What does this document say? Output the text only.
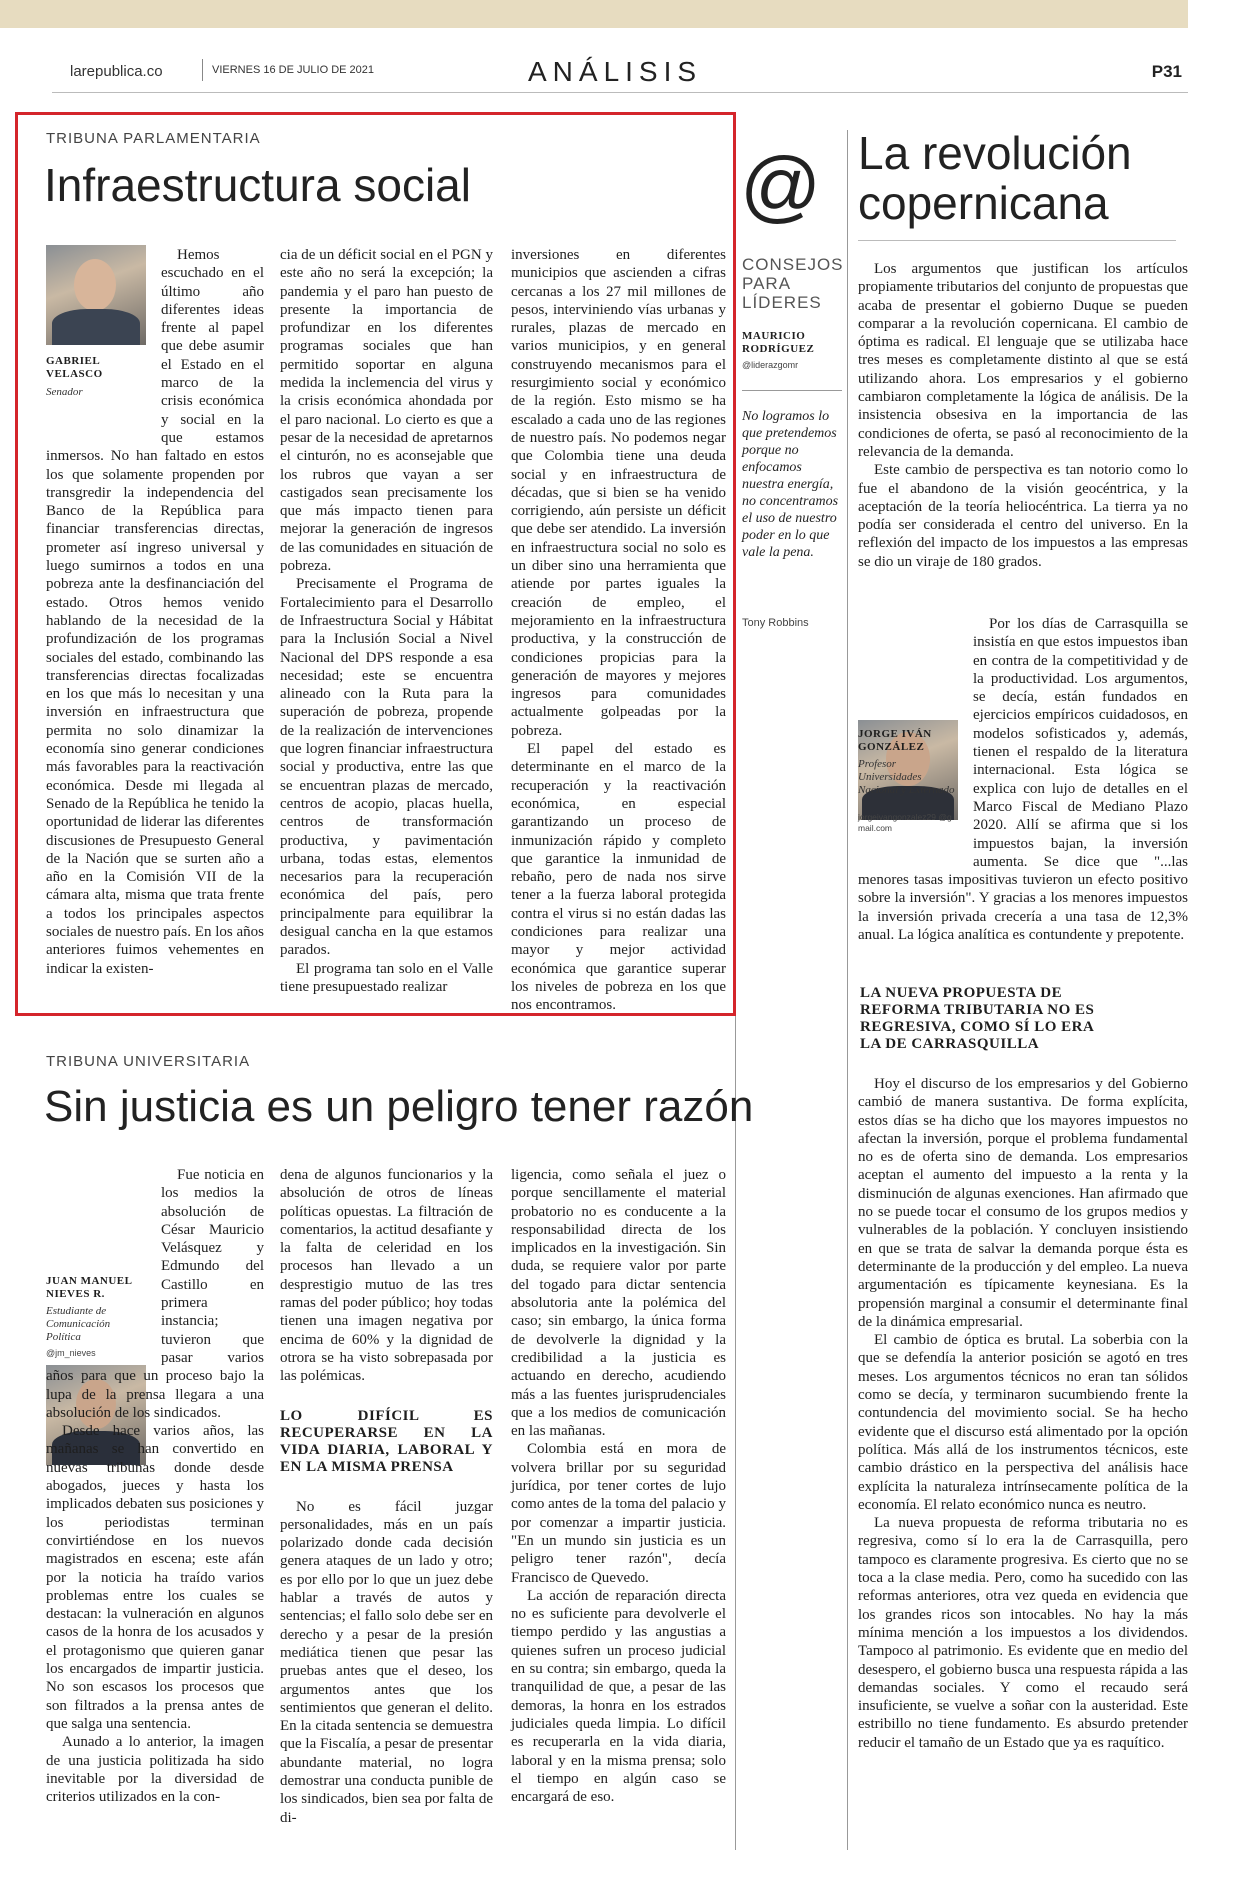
larepublica.co	VIERNES 16 DE JULIO DE 2021	ANÁLISIS	P31
TRIBUNA PARLAMENTARIA
Infraestructura social
GABRIEL VELASCO
Senador

Hemos escuchado en el último año diferentes ideas frente al papel que debe asumir el Estado en el marco de la crisis económica y social en la que estamos inmersos. No han faltado en estos los que solamente propenden por transgredir la independencia del Banco de la República para financiar transferencias directas, prometer así ingreso universal y luego sumirnos a todos en una pobreza ante la desfinanciación del estado. Otros hemos venido hablando de la necesidad de la profundización de los programas sociales del estado, combinando las transferencias directas focalizadas en los que más lo necesitan y una inversión en infraestructura que permita no solo dinamizar la economía sino generar condiciones más favorables para la reactivación económica. Desde mi llegada al Senado de la República he tenido la oportunidad de liderar las diferentes discusiones de Presupuesto General de la Nación que se surten año a año en la Comisión VII de la cámara alta, misma que trata frente a todos los principales aspectos sociales de nuestro país. En los años anteriores fuimos vehementes en indicar la existen-

cia de un déficit social en el PGN y este año no será la excepción; la pandemia y el paro han puesto de presente la importancia de profundizar en los diferentes programas sociales que han permitido soportar en alguna medida la inclemencia del virus y la crisis económica ahondada por el paro nacional. Lo cierto es que a pesar de la necesidad de apretarnos el cinturón, no es aconsejable que los rubros que vayan a ser castigados sean precisamente los que más impacto tienen para mejorar la generación de ingresos de las comunidades en situación de pobreza.

Precisamente el Programa de Fortalecimiento para el Desarrollo de Infraestructura Social y Hábitat para la Inclusión Social a Nivel Nacional del DPS responde a esa necesidad; este se encuentra alineado con la Ruta para la superación de pobreza, propende de la realización de intervenciones que logren financiar infraestructura social y productiva, entre las que se encuentran plazas de mercado, centros de acopio, placas huella, centros de transformación productiva, y pavimentación urbana, todas estas, elementos necesarios para la recuperación económica del país, pero principalmente para equilibrar la desigual cancha en la que estamos parados.

El programa tan solo en el Valle tiene presupuestado realizar

inversiones en diferentes municipios que ascienden a cifras cercanas a los 27 mil millones de pesos, interviniendo vías urbanas y rurales, plazas de mercado en varios municipios, y en general construyendo mecanismos para el resurgimiento social y económico de la región. Esto mismo se ha escalado a cada uno de las regiones de nuestro país. No podemos negar que Colombia tiene una deuda social y en infraestructura de décadas, que si bien se ha venido corrigiendo, aún persiste un déficit que debe ser atendido. La inversión en infraestructura social no solo es un diber sino una herramienta que atiende por partes iguales la creación de empleo, el mejoramiento en la infraestructura productiva, y la construcción de condiciones propicias para la generación de mayores y mejores ingresos para comunidades actualmente golpeadas por la pobreza.

El papel del estado es determinante en el marco de la recuperación y la reactivación económica, en especial garantizando un proceso de inmunización rápido y completo que garantice la inmunidad de rebaño, pero de nada nos sirve tener a la fuerza laboral protegida contra el virus si no están dadas las condiciones para realizar una mayor y mejor actividad económica que garantice superar los niveles de pobreza en los que nos encontramos.

@
CONSEJOS PARA LÍDERES
MAURICIO RODRÍGUEZ
@liderazgomr
No logramos lo que pretendemos porque no enfocamos nuestra energía, no concentramos el uso de nuestro poder en lo que vale la pena.
Tony Robbins
La revolución
copernicana

Los argumentos que justifican los artículos propiamente tributarios del conjunto de propuestas que acaba de presentar el gobierno Duque se pueden comparar a la revolución copernicana. El cambio de óptima es radical. El lenguaje que se utilizaba hace tres meses es completamente distinto al que se está utilizando ahora. Los empresarios y el gobierno cambiaron completamente la lógica de análisis. De la insistencia obsesiva en la importancia de las condiciones de oferta, se pasó al reconocimiento de la relevancia de la demanda.

Este cambio de perspectiva es tan notorio como lo fue el abandono de la visión geocéntrica, y la aceptación de la teoría heliocéntrica. La tierra ya no podía ser considerada el centro del universo. En la reflexión del impacto de los impuestos a las empresas se dio un viraje de 180 grados.

JORGE IVÁN GONZÁLEZ
Profesor Universidades Nacional y Externado
jorgeivangonzalez29 @gmail.com

Por los días de Carrasquilla se insistía en que estos impuestos iban en contra de la competitividad y de la productividad. Los argumentos, se decía, están fundados en ejercicios empíricos cuidadosos, en modelos sofisticados y, además, tienen el respaldo de la literatura internacional. Esta lógica se explica con lujo de detalles en el Marco Fiscal de Mediano Plazo 2020. Allí se afirma que si los impuestos bajan, la inversión aumenta. Se dice que "...las menores tasas impositivas tuvieron un efecto positivo sobre la inversión". Y gracias a los menores impuestos la inversión privada crecería a una tasa de 12,3% anual. La lógica analítica es contundente y prepotente.

LA NUEVA PROPUESTA DE REFORMA TRIBUTARIA NO ES REGRESIVA, COMO SÍ LO ERA LA DE CARRASQUILLA

Hoy el discurso de los empresarios y del Gobierno cambió de manera sustantiva. De forma explícita, estos días se ha dicho que los mayores impuestos no afectan la inversión, porque el problema fundamental no es de oferta sino de demanda. Los empresarios aceptan el aumento del impuesto a la renta y la disminución de algunas exenciones. Han afirmado que no se puede tocar el consumo de los grupos medios y vulnerables de la población. Y concluyen insistiendo en que se trata de salvar la demanda porque ésta es determinante de la producción y del empleo. La nueva argumentación es típicamente keynesiana. Es la propensión marginal a consumir el determinante final de la dinámica empresarial.

El cambio de óptica es brutal. La soberbia con la que se defendía la anterior posición se agotó en tres meses. Los argumentos técnicos no eran tan sólidos como se decía, y terminaron sucumbiendo frente la contundencia del movimiento social. Se ha hecho evidente que el discurso está alimentado por la opción política. Más allá de los instrumentos técnicos, este cambio drástico en la perspectiva del análisis hace explícita la naturaleza intrínsecamente política de la economía. El relato económico nunca es neutro.

La nueva propuesta de reforma tributaria no es regresiva, como sí lo era la de Carrasquilla, pero tampoco es claramente progresiva. Es cierto que no se toca a la clase media. Pero, como ha sucedido con las reformas anteriores, otra vez queda en evidencia que los grandes ricos son intocables. No hay la más mínima mención a los impuestos a los dividendos. Tampoco al patrimonio. Es evidente que en medio del desespero, el gobierno busca una respuesta rápida a las demandas sociales. Y como el recaudo será insuficiente, se vuelve a soñar con la austeridad. Este estribillo no tiene fundamento. Es absurdo pretender reducir el tamaño de un Estado que ya es raquítico.

TRIBUNA UNIVERSITARIA
Sin justicia es un peligro tener razón
JUAN MANUEL NIEVES R.
Estudiante de Comunicación Política
@jm_nieves

Fue noticia en los medios la absolución de César Mauricio Velásquez y Edmundo del Castillo en primera instancia; tuvieron que pasar varios años para que un proceso bajo la lupa de la prensa llegara a una absolución de los sindicados.

Desde hace varios años, las mañanas se han convertido en nuevas tribunas donde desde abogados, jueces y hasta los implicados debaten sus posiciones y los periodistas terminan convirtiéndose en los nuevos magistrados en escena; este afán por la noticia ha traído varios problemas entre los cuales se destacan: la vulneración en algunos casos de la honra de los acusados y el protagonismo que quieren ganar los encargados de impartir justicia. No son escasos los procesos que son filtrados a la prensa antes de que salga una sentencia.

Aunado a lo anterior, la imagen de una justicia politizada ha sido inevitable por la diversidad de criterios utilizados en la con-

dena de algunos funcionarios y la absolución de otros de líneas políticas opuestas. La filtración de comentarios, la actitud desafiante y la falta de celeridad en los procesos han llevado a un desprestigio mutuo de las tres ramas del poder público; hoy todas tienen una imagen negativa por encima de 60% y la dignidad de otrora se ha visto sobrepasada por las polémicas.

LO DIFÍCIL ES RECUPERARSE EN LA VIDA DIARIA, LABORAL Y EN LA MISMA PRENSA

No es fácil juzgar personalidades, más en un país polarizado donde cada decisión genera ataques de un lado y otro; es por ello por lo que un juez debe hablar a través de autos y sentencias; el fallo solo debe ser en derecho y a pesar de la presión mediática tienen que pesar las pruebas antes que el deseo, los argumentos antes que los sentimientos que generan el delito. En la citada sentencia se demuestra que la Fiscalía, a pesar de presentar abundante material, no logra demostrar una conducta punible de los sindicados, bien sea por falta de di-

ligencia, como señala el juez o porque sencillamente el material probatorio no es conducente a la responsabilidad directa de los implicados en la investigación. Sin duda, se requiere valor por parte del togado para dictar sentencia absolutoria ante la polémica del caso; sin embargo, la única forma de devolverle la dignidad y la credibilidad a la justicia es actuando en derecho, acudiendo más a las fuentes jurisprudenciales que a los medios de comunicación en las mañanas.

Colombia está en mora de volvera brillar por su seguridad jurídica, por tener cortes de lujo como antes de la toma del palacio y por comenzar a impartir justicia. "En un mundo sin justicia es un peligro tener razón", decía Francisco de Quevedo.

La acción de reparación directa no es suficiente para devolverle el tiempo perdido y las angustias a quienes sufren un proceso judicial en su contra; sin embargo, queda la tranquilidad de que, a pesar de las demoras, la honra en los estrados judiciales queda limpia. Lo difícil es recuperarla en la vida diaria, laboral y en la misma prensa; solo el tiempo en algún caso se encargará de eso.
